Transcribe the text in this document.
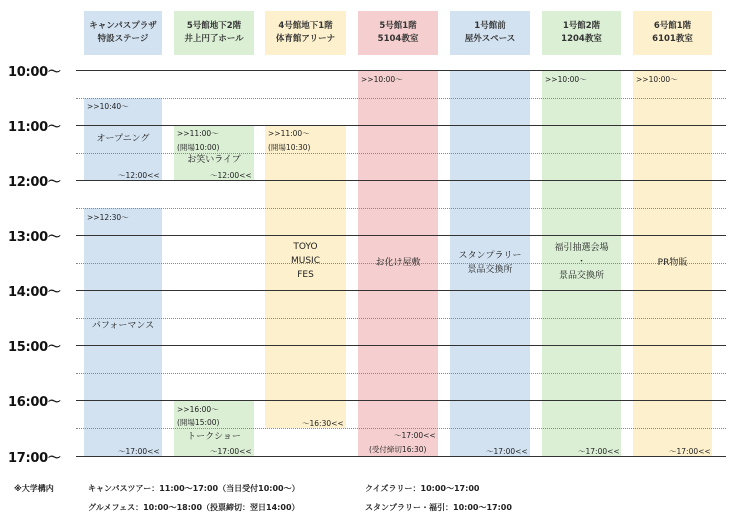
キャンパスプラザ
特設ステージ
5号館地下2階
井上円了ホール
4号館地下1階
体育館アリーナ
5号館1階
5104教室
1号館前
屋外スペース
1号館2階
1204教室
6号館1階
6101教室
10:00〜
11:00〜
12:00〜
13:00〜
14:00〜
15:00〜
16:00〜
17:00〜
>>10:40〜
オープニング
〜12:00<<
>>12:30〜
パフォーマンス
〜17:00<<
>>11:00〜
(開場10:00)
お笑いライブ
〜12:00<<
>>16:00〜
(開場15:00)
トークショー
〜17:00<<
>>11:00〜
(開場10:30)
TOYO
MUSIC
FES
〜16:30<<
>>10:00〜
お化け屋敷
〜17:00<<
(受付締切16:30)
スタンプラリー
景品交換所
〜17:00<<
>>10:00〜
福引抽選会場
・
景品交換所
〜17:00<<
>>10:00〜
PR物販
〜17:00<<
※大学構内	キャンパスツアー：11:00〜17:00（当日受付10:00〜）
グルメフェス：10:00〜18:00（投票締切：翌日14:00）
クイズラリー：10:00〜17:00
スタンプラリー・福引：10:00〜17:00
